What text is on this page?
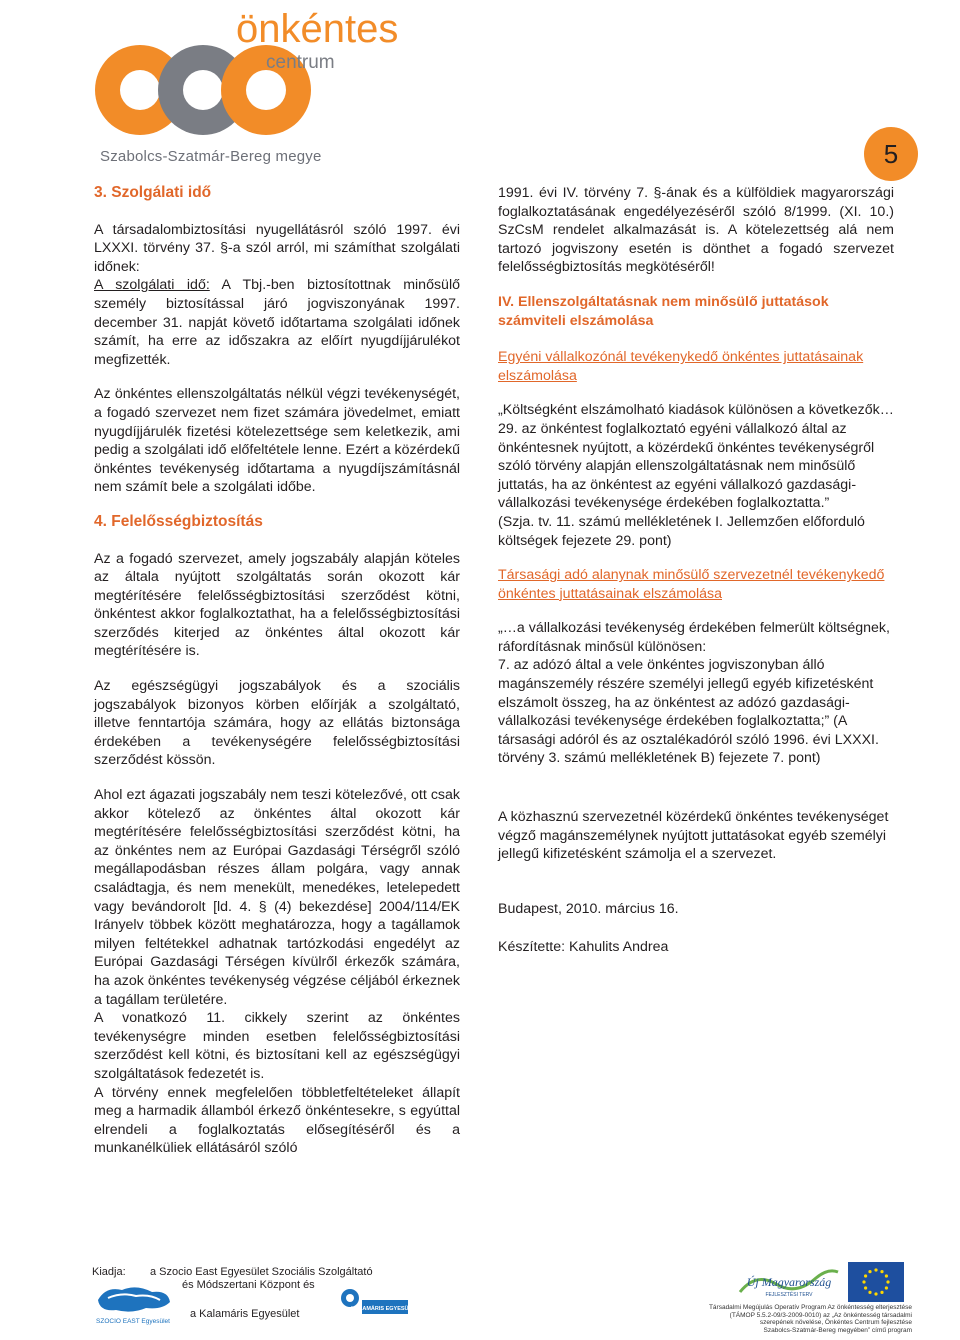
önkéntes
centrum
Szabolcs-Szatmár-Bereg megye	5
3. Szolgálati idő

A társadalombiztosítási nyugellátásról szóló 1997. évi LXXXI. törvény 37. §-a szól arról, mi számíthat szolgálati időnek:
A szolgálati idő: A Tbj.-ben biztosítottnak minősülő személy biztosítással járó jogviszonyának 1997. december 31. napját követő időtartama szolgálati időnek számít, ha erre az időszakra az előírt nyugdíjjárulékot megfizették.

Az önkéntes ellenszolgáltatás nélkül végzi tevékenységét, a fogadó szervezet nem fizet számára jövedelmet, emiatt nyugdíjjárulék fizetési kötelezettsége sem keletkezik, ami pedig a szolgálati idő előfeltétele lenne. Ezért a közérdekű önkéntes tevékenység időtartama a nyugdíjszámításnál nem számít bele a szolgálati időbe.

4. Felelősségbiztosítás

Az a fogadó szervezet, amely jogszabály alapján köteles az általa nyújtott szolgáltatás során okozott kár megtérítésére felelősségbiztosítási szerződést kötni, önkéntest akkor foglalkoztathat, ha a felelősségbiztosítási szerződés kiterjed az önkéntes által okozott kár megtérítésére is.

Az egészségügyi jogszabályok és a szociális jogszabályok bizonyos körben előírják a szolgáltató, illetve fenntartója számára, hogy az ellátás biztonsága érdekében a tevékenységére felelősségbiztosítási szerződést kössön.

Ahol ezt ágazati jogszabály nem teszi kötelezővé, ott csak akkor kötelező az önkéntes által okozott kár megtérítésére felelősségbiztosítási szerződést kötni, ha az önkéntes nem az Európai Gazdasági Térségről szóló megállapodásban részes állam polgára, vagy annak családtagja, és nem menekült, menedékes, letelepedett vagy bevándorolt [ld. 4. § (4) bekezdése] 2004/114/EK Irányelv többek között meghatározza, hogy a tagállamok milyen feltétekkel adhatnak tartózkodási engedélyt az Európai Gazdasági Térségen kívülről érkezők számára, ha azok önkéntes tevékenység végzése céljából érkeznek a tagállam területére.

A vonatkozó 11. cikkely szerint az önkéntes tevékenységre minden esetben felelősségbiztosítási szerződést kell kötni, és biztosítani kell az egészségügyi szolgáltatások fedezetét is.

A törvény ennek megfelelően többletfeltételeket állapít meg a harmadik államból érkező önkéntesekre, s egyúttal elrendeli a foglalkoztatás elősegítéséről és a munkanélküliek ellátásáról szóló

1991. évi IV. törvény 7. §-ának és a külföldiek magyarországi foglalkoztatásának engedélyezéséről szóló 8/1999. (XI. 10.) SzCsM rendelet alkalmazását is. A kötelezettség alá nem tartozó jogviszony esetén is dönthet a fogadó szervezet felelősségbiztosítás megkötéséről!

IV. Ellenszolgáltatásnak nem minősülő juttatások számviteli elszámolása

Egyéni vállalkozónál tevékenykedő önkéntes juttatásainak elszámolása

„Költségként elszámolható kiadások különösen a következők…29. az önkéntest foglalkoztató egyéni vállalkozó által az önkéntesnek nyújtott, a közérdekű önkéntes tevékenységről szóló törvény alapján ellenszolgáltatásnak nem minősülő juttatás, ha az önkéntest az egyéni vállalkozó gazdasági-vállalkozási tevékenysége érdekében foglalkoztatta.”

(Szja. tv. 11. számú mellékletének I. Jellemzően előforduló költségek fejezete 29. pont)

Társasági adó alanynak minősülő szervezetnél tevékenykedő önkéntes juttatásainak elszámolása

„…a vállalkozási tevékenység érdekében felmerült költségnek, ráfordításnak minősül különösen:

7. az adózó által a vele önkéntes jogviszonyban álló magánszemély részére személyi jellegű egyéb kifizetésként elszámolt összeg, ha az önkéntest az adózó gazdasági-vállalkozási tevékenysége érdekében foglalkoztatta;” (A társasági adóról és az osztalékadóról szóló 1996. évi LXXXI. törvény 3. számú mellékletének B) fejezete 7. pont)

A közhasznú szervezetnél közérdekű önkéntes tevékenységet végző magánszemélynek nyújtott juttatásokat egyéb személyi jellegű kifizetésként számolja el a szervezet.

Budapest, 2010. március 16.

Készítette: Kahulits Andrea

Kiadja: a Szocio East Egyesület Szociális Szolgáltató
és Módszertani Központ és
a Kalamáris Egyesület
SZOCIO EAST Egyesület
KALAMÁRIS EGYESÜLET
Új Magyarország
FEJLESZTÉSI TERV
Társadalmi Megújulás Operatív Program Az önkéntesség elterjesztése
(TÁMOP 5.5.2-09/3-2009-0010) az „Az önkéntesség társadalmi
szerepének növelése, Önkéntes Centrum fejlesztése
Szabolcs-Szatmár-Bereg megyében” című program
